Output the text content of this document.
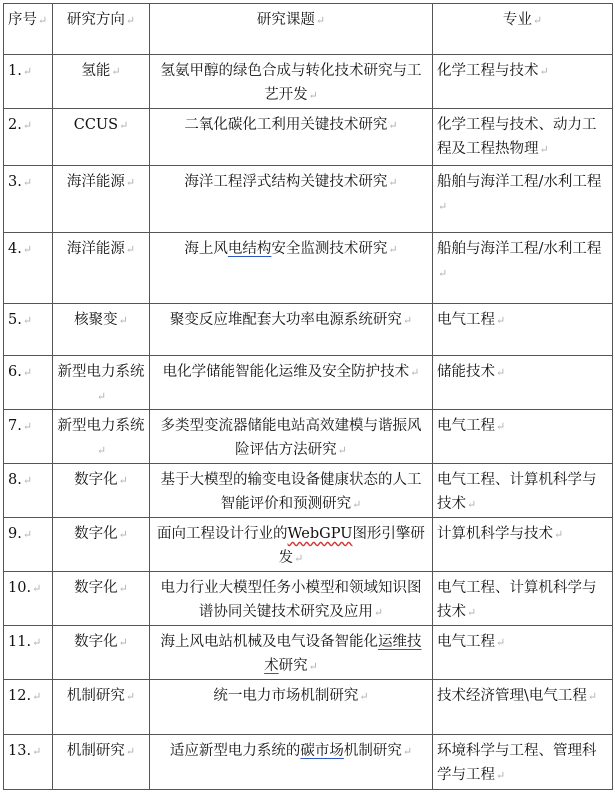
序号↵	研究方向↵	研究课题↵	专业↵
1.↵	氢能↵	氢氨甲醇的绿色合成与转化技术研究与工艺开发↵	化学工程与技术↵
2.↵	CCUS↵	二氧化碳化工利用关键技术研究↵	化学工程与技术、动力工程及工程热物理↵
3.↵	海洋能源↵	海洋工程浮式结构关键技术研究↵	船舶与海洋工程/水利工程↵
4.↵	海洋能源↵	海上风电结构安全监测技术研究↵	船舶与海洋工程/水利工程↵
5.↵	核聚变↵	聚变反应堆配套大功率电源系统研究↵	电气工程↵
6.↵	新型电力系统↵	电化学储能智能化运维及安全防护技术↵	储能技术↵
7.↵	新型电力系统↵	多类型变流器储能电站高效建模与谐振风险评估方法研究↵	电气工程↵
8.↵	数字化↵	基于大模型的输变电设备健康状态的人工智能评价和预测研究↵	电气工程、计算机科学与技术↵
9.↵	数字化↵	面向工程设计行业的WebGPU图形引擎研发↵	计算机科学与技术↵
10.↵	数字化↵	电力行业大模型任务小模型和领域知识图谱协同关键技术研究及应用↵	电气工程、计算机科学与技术↵
11.↵	数字化↵	海上风电站机械及电气设备智能化运维技术研究↵	电气工程↵
12.↵	机制研究↵	统一电力市场机制研究↵	技术经济管理\电气工程↵
13.↵	机制研究↵	适应新型电力系统的碳市场机制研究↵	环境科学与工程、管理科学与工程↵
